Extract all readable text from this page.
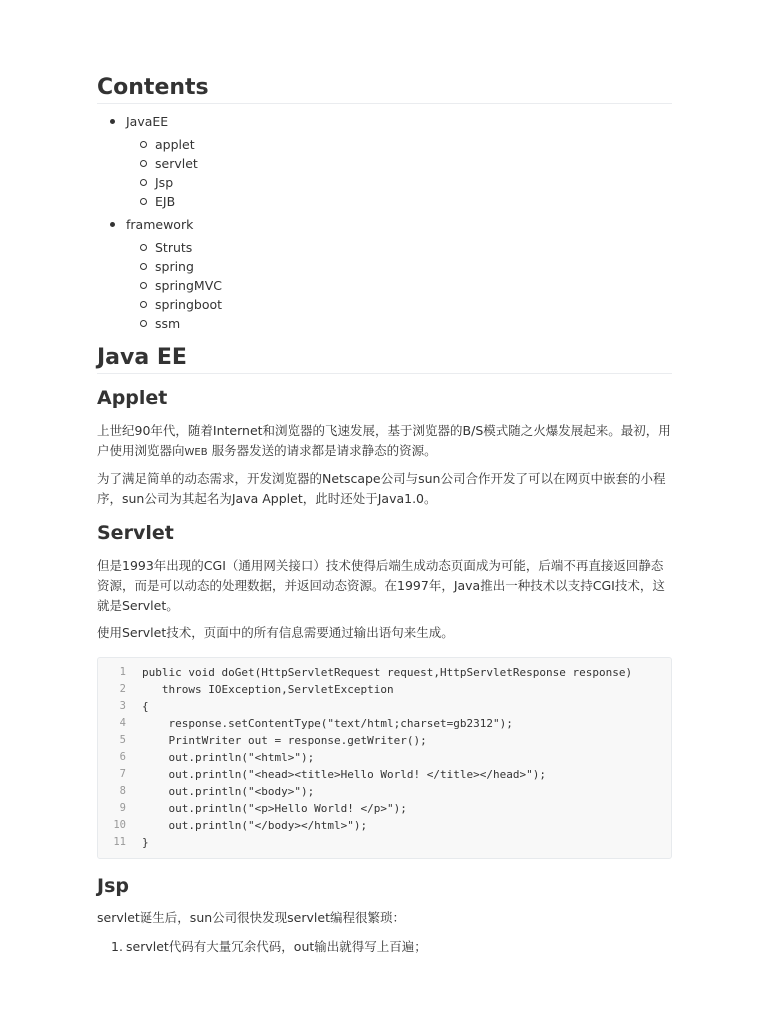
Contents
JavaEE
applet
servlet
Jsp
EJB
framework
Struts
spring
springMVC
springboot
ssm
Java EE
Applet

上世纪90年代，随着Internet和浏览器的飞速发展，基于浏览器的B/S模式随之火爆发展起来。最初，用
户使用浏览器向WEB 服务器发送的请求都是请求静态的资源。

为了满足简单的动态需求，开发浏览器的Netscape公司与sun公司合作开发了可以在网页中嵌套的小程
序，sun公司为其起名为Java Applet，此时还处于Java1.0。

Servlet

但是1993年出现的CGI（通用网关接口）技术使得后端生成动态页面成为可能，后端不再直接返回静态
资源，而是可以动态的处理数据，并返回动态资源。在1997年，Java推出一种技术以支持CGI技术，这
就是Servlet。

使用Servlet技术，页面中的所有信息需要通过输出语句来生成。

1 public void doGet(HttpServletRequest request,HttpServletResponse response)
2 throws IOException,ServletException
3 {
4 response.setContentType("text/html;charset=gb2312");
5 PrintWriter out = response.getWriter();
6 out.println("<html>");
7 out.println("<head><title>Hello World! </title></head>");
8 out.println("<body>");
9 out.println("<p>Hello World! </p>");
10 out.println("</body></html>");
11 }
Jsp

servlet诞生后，sun公司很快发现servlet编程很繁琐：

1. servlet代码有大量冗余代码，out输出就得写上百遍；
